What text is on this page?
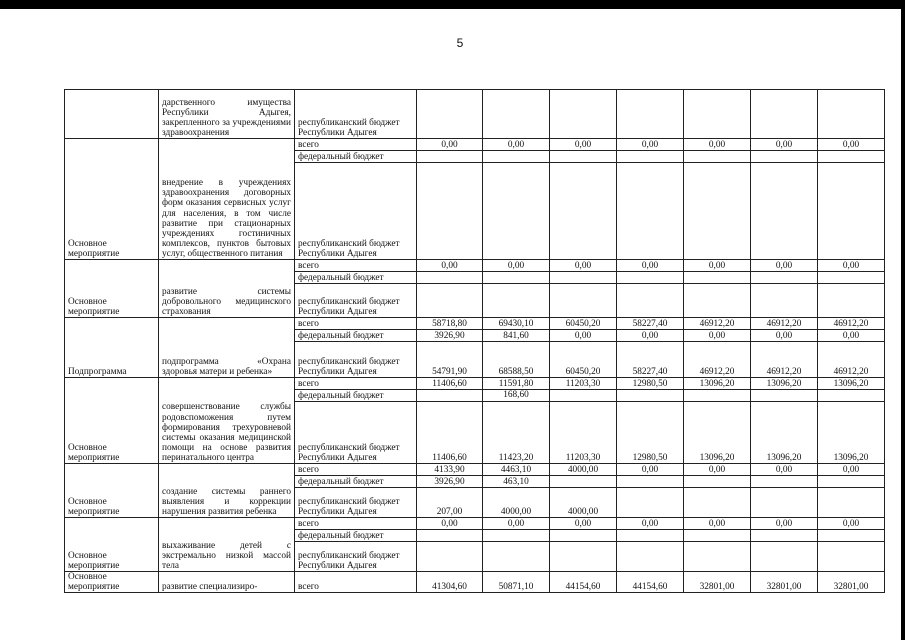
5
	дарственного имущества Республики Адыгея, закрепленного за учреждениями здравоохранения	республиканский бюджет Республики Адыгея							
Основное мероприятие	внедрение в учреждениях здравоохранения договорных форм оказания сервисных услуг для населения, в том числе развитие при стационарных учреждениях гостиничных комплексов, пунктов бытовых услуг, общественного питания	всего	0,00	0,00	0,00	0,00	0,00	0,00	0,00
		федеральный бюджет							
		республиканский бюджет Республики Адыгея							
Основное мероприятие	развитие системы добровольного медицинского страхования	всего	0,00	0,00	0,00	0,00	0,00	0,00	0,00
		федеральный бюджет							
		республиканский бюджет Республики Адыгея							
Подпрограмма	подпрограмма «Охрана здоровья матери и ребенка»	всего	58718,80	69430,10	60450,20	58227,40	46912,20	46912,20	46912,20
		федеральный бюджет	3926,90	841,60	0,00	0,00	0,00	0,00	0,00
		республиканский бюджет Республики Адыгея	54791,90	68588,50	60450,20	58227,40	46912,20	46912,20	46912,20
Основное мероприятие	совершенствование службы родовспоможения путем формирования трехуровневой системы оказания медицинской помощи на основе развития перинатального центра	всего	11406,60	11591,80	11203,30	12980,50	13096,20	13096,20	13096,20
		федеральный бюджет		168,60					
		республиканский бюджет Республики Адыгея	11406,60	11423,20	11203,30	12980,50	13096,20	13096,20	13096,20
Основное мероприятие	создание системы раннего выявления и коррекции нарушения развития ребенка	всего	4133,90	4463,10	4000,00	0,00	0,00	0,00	0,00
		федеральный бюджет	3926,90	463,10					
		республиканский бюджет Республики Адыгея	207,00	4000,00	4000,00				
Основное мероприятие	выхаживание детей с экстремально низкой массой тела	всего	0,00	0,00	0,00	0,00	0,00	0,00	0,00
		федеральный бюджет							
		республиканский бюджет Республики Адыгея							
Основное мероприятие	развитие специализиро-	всего	41304,60	50871,10	44154,60	44154,60	32801,00	32801,00	32801,00
